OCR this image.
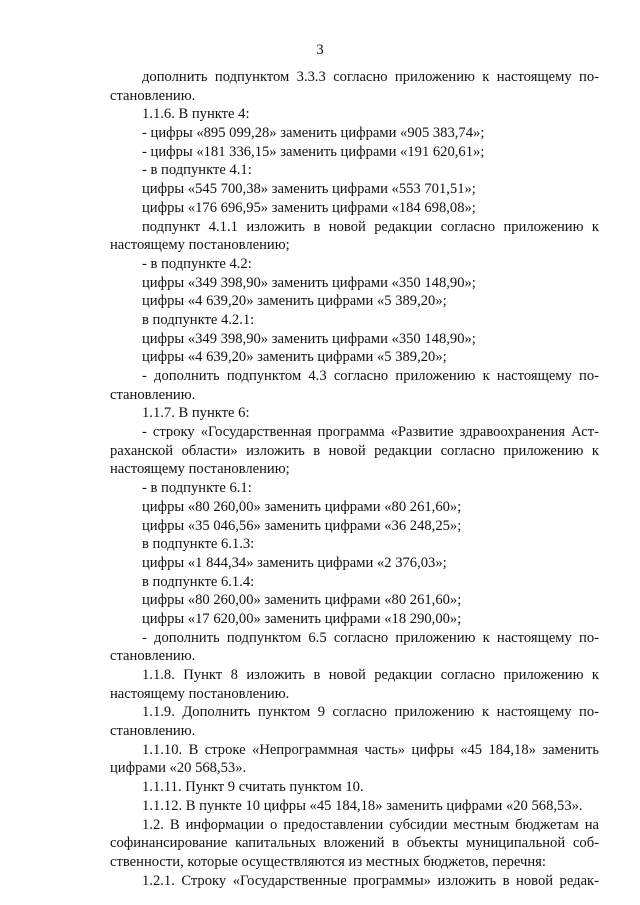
3
дополнить подпунктом 3.3.3 согласно приложению к настоящему по-
становлению.
1.1.6. В пункте 4:
- цифры «895 099,28» заменить цифрами «905 383,74»;
- цифры «181 336,15» заменить цифрами «191 620,61»;
- в подпункте 4.1:
цифры «545 700,38» заменить цифрами «553 701,51»;
цифры «176 696,95» заменить цифрами «184 698,08»;
подпункт 4.1.1 изложить в новой редакции согласно приложению к
настоящему постановлению;
- в подпункте 4.2:
цифры «349 398,90» заменить цифрами «350 148,90»;
цифры «4 639,20» заменить цифрами «5 389,20»;
в подпункте 4.2.1:
цифры «349 398,90» заменить цифрами «350 148,90»;
цифры «4 639,20» заменить цифрами «5 389,20»;
- дополнить подпунктом 4.3 согласно приложению к настоящему по-
становлению.
1.1.7. В пункте 6:
- строку «Государственная программа «Развитие здравоохранения Аст-
раханской области» изложить в новой редакции согласно приложению к
настоящему постановлению;
- в подпункте 6.1:
цифры «80 260,00» заменить цифрами «80 261,60»;
цифры «35 046,56» заменить цифрами «36 248,25»;
в подпункте 6.1.3:
цифры «1 844,34» заменить цифрами «2 376,03»;
в подпункте 6.1.4:
цифры «80 260,00» заменить цифрами «80 261,60»;
цифры «17 620,00» заменить цифрами «18 290,00»;
- дополнить подпунктом 6.5 согласно приложению к настоящему по-
становлению.
1.1.8. Пункт 8 изложить в новой редакции согласно приложению к
настоящему постановлению.
1.1.9. Дополнить пунктом 9 согласно приложению к настоящему по-
становлению.
1.1.10. В строке «Непрограммная часть» цифры «45 184,18» заменить
цифрами «20 568,53».
1.1.11. Пункт 9 считать пунктом 10.
1.1.12. В пункте 10 цифры «45 184,18» заменить цифрами «20 568,53».
1.2. В информации о предоставлении субсидии местным бюджетам на
софинансирование капитальных вложений в объекты муниципальной соб-
ственности, которые осуществляются из местных бюджетов, перечня:
1.2.1. Строку «Государственные программы» изложить в новой редак-
